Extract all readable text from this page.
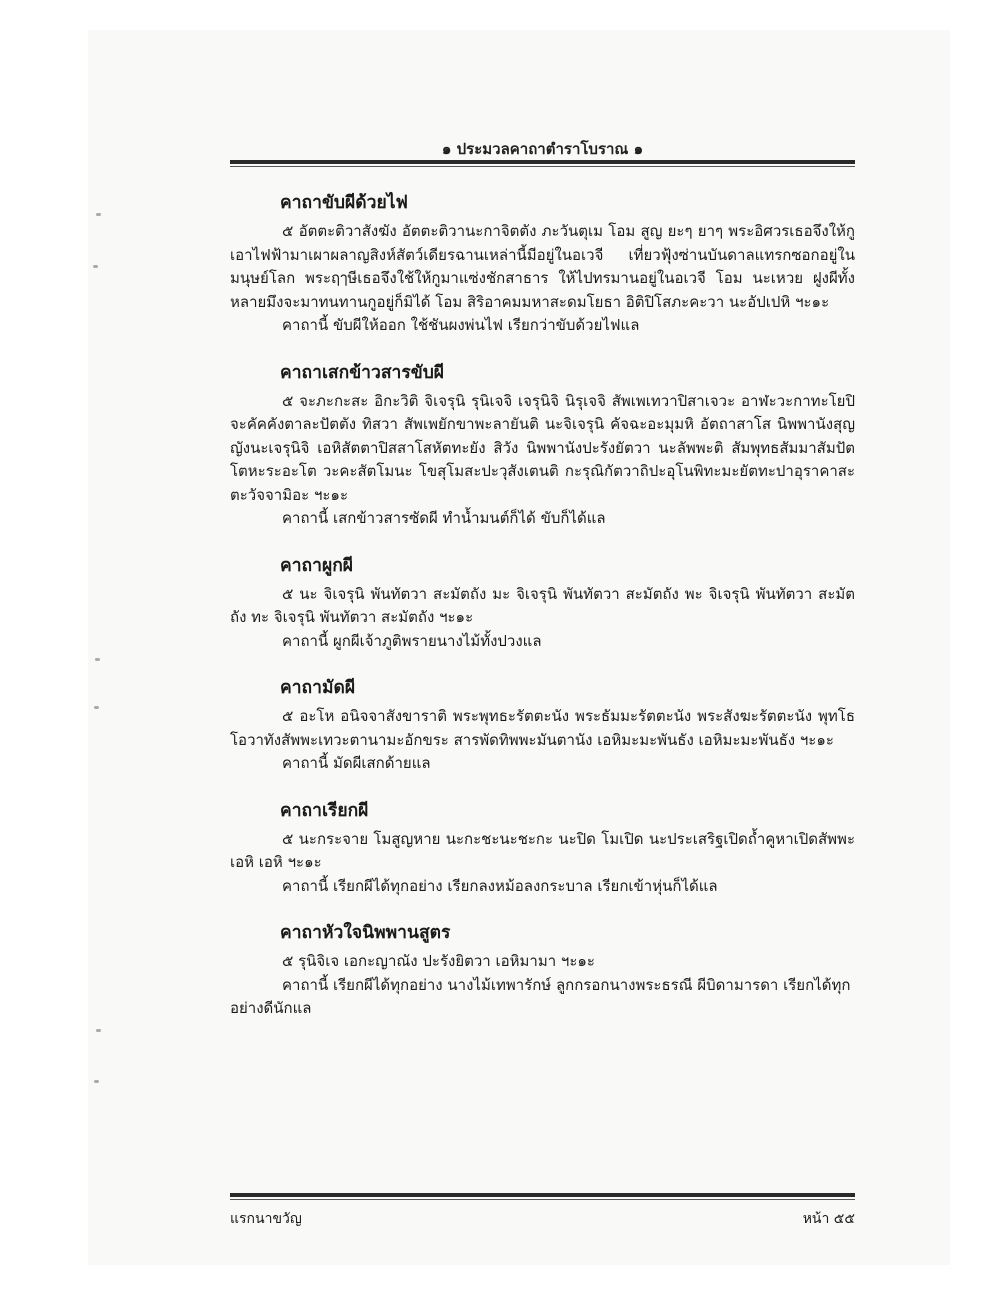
๑ ประมวลคาถาตำราโบราณ ๑
คาถาขับผีด้วยไฟ

๕ อัตตะติวาสังฆัง อัตตะติวานะกาจิตตัง ภะวันตุเม โอม สูญ ยะๆ ยาๆ พระอิศวรเธอจึงให้กูเอาไฟฟ้ามาเผาผลาญสิงห์สัตว์เดียรฉานเหล่านี้มีอยู่ในอเวจี เที่ยวฟุ้งซ่านบันดาลแทรกซอกอยู่ในมนุษย์โลก พระฤๅษีเธอจึงใช้ให้กูมาแซ่งชักสาธาร ให้ไปทรมานอยู่ในอเวจี โอม นะเหวย ฝูงผีทั้งหลายมึงจะมาทนทานกูอยู่ก็มิได้ โอม สิริอาคมมหาสะดมโยธา อิติปิโสภะคะวา นะอัปเปหิ ฯะ๑ะ

คาถานี้ ขับผีให้ออก ใช้ชันผงพ่นไฟ เรียกว่าขับด้วยไฟแล

คาถาเสกข้าวสารขับผี

๕ จะภะกะสะ อิกะวิติ จิเจรุนิ รุนิเจจิ เจรุนิจิ นิรุเจจิ สัพเพเทวาปิสาเจวะ อาฬะวะกาทะโยปิจะคัคคังตาละปัตตัง ทิสวา สัพเพยักขาพะลายันติ นะจิเจรุนิ คัจฉะอะมุมหิ อัตถาสาโส นิพพานังสุญญังนะเจรุนิจิ เอหิสัตตาปิสสาโสหัตทะยัง สิวัง นิพพานังปะรังยัตวา นะลัพพะติ สัมพุทธสัมมาสัมปัตโตหะระอะโต วะคะสัตโมนะ โขสุโมสะปะวุสังเตนติ กะรุณิกัตวาถิปะอุโนพิทะมะยัตทะปาอุราคาสะตะวัจจามิอะ ฯะ๑ะ

คาถานี้ เสกข้าวสารซัดผี ทำน้ำมนต์ก็ได้ ขับก็ได้แล

คาถาผูกผี

๕ นะ จิเจรุนิ พันทัตวา สะมัตถัง มะ จิเจรุนิ พันทัตวา สะมัตถัง พะ จิเจรุนิ พันทัตวา สะมัตถัง ทะ จิเจรุนิ พันทัตวา สะมัตถัง ฯะ๑ะ

คาถานี้ ผูกผีเจ้าภูติพรายนางไม้ทั้งปวงแล

คาถามัดผี

๕ อะโห อนิจจาสังขาราติ พระพุทธะรัตตะนัง พระธัมมะรัตตะนัง พระสังฆะรัตตะนัง พุทโธโอวาทังสัพพะเทวะตานามะอักขระ สารพัดทิพพะมันตานัง เอหิมะมะพันธัง เอหิมะมะพันธัง ฯะ๑ะ

คาถานี้ มัดผีเสกด้ายแล

คาถาเรียกผี

๕ นะกระจาย โมสูญหาย นะกะชะนะชะกะ นะปิด โมเปิด นะประเสริฐเปิดถ้ำคูหาเปิดสัพพะ เอหิ เอหิ ฯะ๑ะ

คาถานี้ เรียกผีได้ทุกอย่าง เรียกลงหม้อลงกระบาล เรียกเข้าหุ่นก็ได้แล

คาถาหัวใจนิพพานสูตร

๕ รุนิจิเจ เอกะญาณัง ปะรังยิตวา เอหิมามา ฯะ๑ะ

คาถานี้ เรียกผีได้ทุกอย่าง นางไม้เทพารักษ์ ลูกกรอกนางพระธรณี ผีบิดามารดา เรียกได้ทุกอย่างดีนักแล

แรกนาขวัญ	หน้า ๕๕
